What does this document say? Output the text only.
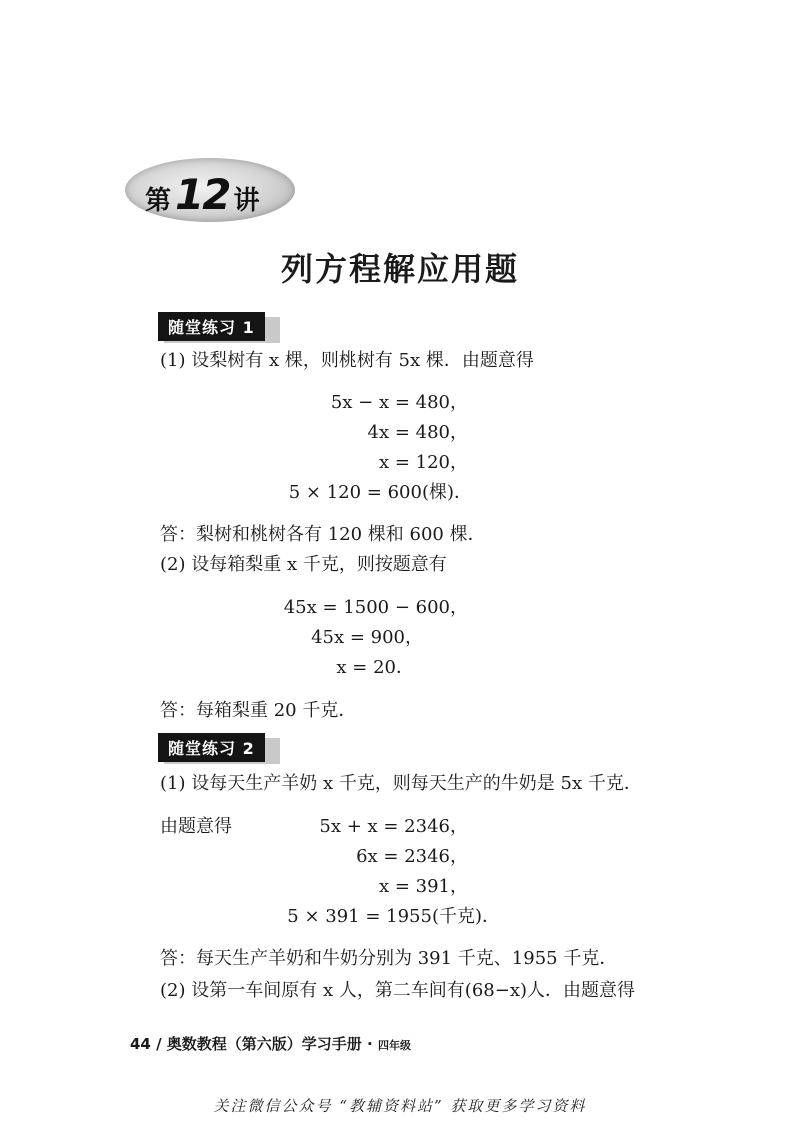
第 12 讲
列方程解应用题
随堂练习 1
(1) 设梨树有 x 棵，则桃树有 5x 棵．由题意得
5x − x = 480，
4x = 480，
x = 120，
5 × 120 = 600(棵)．
答：梨树和桃树各有 120 棵和 600 棵．
(2) 设每箱梨重 x 千克，则按题意有
45x = 1500 − 600，
45x = 900，
x = 20．
答：每箱梨重 20 千克．
随堂练习 2
(1) 设每天生产羊奶 x 千克，则每天生产的牛奶是 5x 千克．
由题意得	5x + x = 2346，
6x = 2346，
x = 391，
5 × 391 = 1955(千克)．
答：每天生产羊奶和牛奶分别为 391 千克、1955 千克．
(2) 设第一车间原有 x 人，第二车间有(68−x)人．由题意得
44 / 奥数教程（第六版）学习手册 · 四年级
关注微信公众号 “教辅资料站” 获取更多学习资料
